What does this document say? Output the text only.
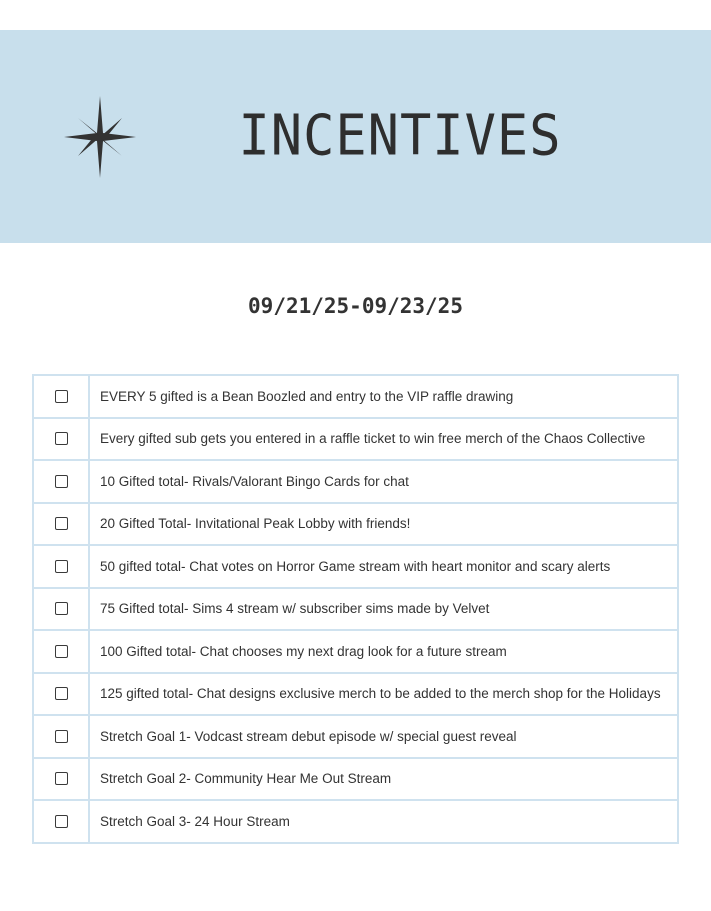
INCENTIVES

09/21/25-09/23/25

	EVERY 5 gifted is a Bean Boozled and entry to the VIP raffle drawing
	Every gifted sub gets you entered in a raffle ticket to win free merch of the Chaos Collective
	10 Gifted total- Rivals/Valorant Bingo Cards for chat
	20 Gifted Total- Invitational Peak Lobby with friends!
	50 gifted total- Chat votes on Horror Game stream with heart monitor and scary alerts
	75 Gifted total- Sims 4 stream w/ subscriber sims made by Velvet
	100 Gifted total- Chat chooses my next drag look for a future stream
	125 gifted total- Chat designs exclusive merch to be added to the merch shop for the Holidays
	Stretch Goal 1- Vodcast stream debut episode w/ special guest reveal
	Stretch Goal 2- Community Hear Me Out Stream
	Stretch Goal 3- 24 Hour Stream
